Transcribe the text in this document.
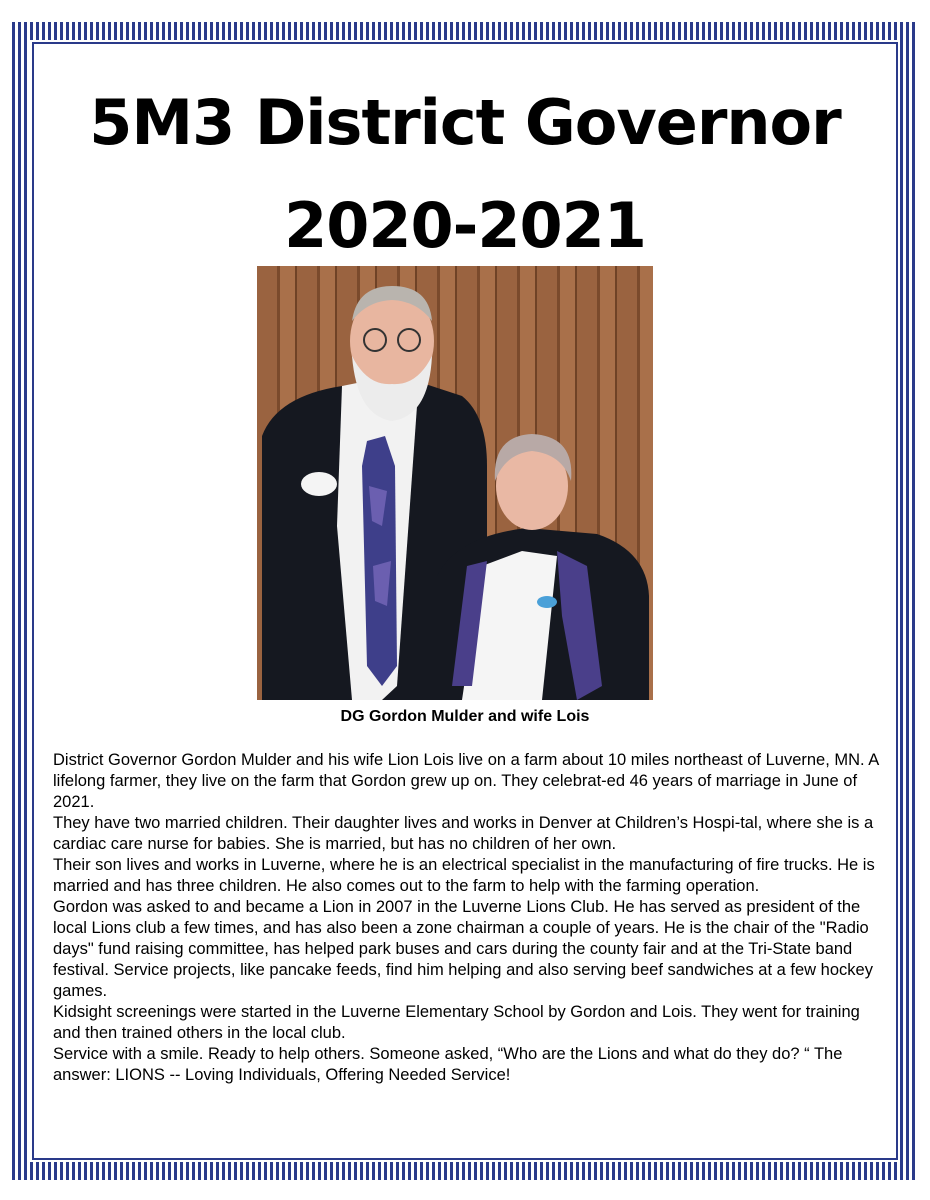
5M3 District Governor
2020-2021
DG Gordon Mulder and wife Lois

District Governor Gordon Mulder and his wife Lion Lois live on a farm about 10 miles northeast of Luverne, MN. A lifelong farmer, they live on the farm that Gordon grew up on. They celebrat-ed 46 years of marriage in June of 2021.

They have two married children. Their daughter lives and works in Denver at Children’s Hospi-tal, where she is a cardiac care nurse for babies. She is married, but has no children of her own.

Their son lives and works in Luverne, where he is an electrical specialist in the manufacturing of fire trucks. He is married and has three children. He also comes out to the farm to help with the farming operation.

Gordon was asked to and became a Lion in 2007 in the Luverne Lions Club. He has served as president of the local Lions club a few times, and has also been a zone chairman a couple of years. He is the chair of the "Radio days" fund raising committee, has helped park buses and cars during the county fair and at the Tri-State band festival. Service projects, like pancake feeds, find him helping and also serving beef sandwiches at a few hockey games.

Kidsight screenings were started in the Luverne Elementary School by Gordon and Lois. They went for training and then trained others in the local club.

Service with a smile. Ready to help others. Someone asked, “Who are the Lions and what do they do? “ The answer: LIONS -- Loving Individuals, Offering Needed Service!
